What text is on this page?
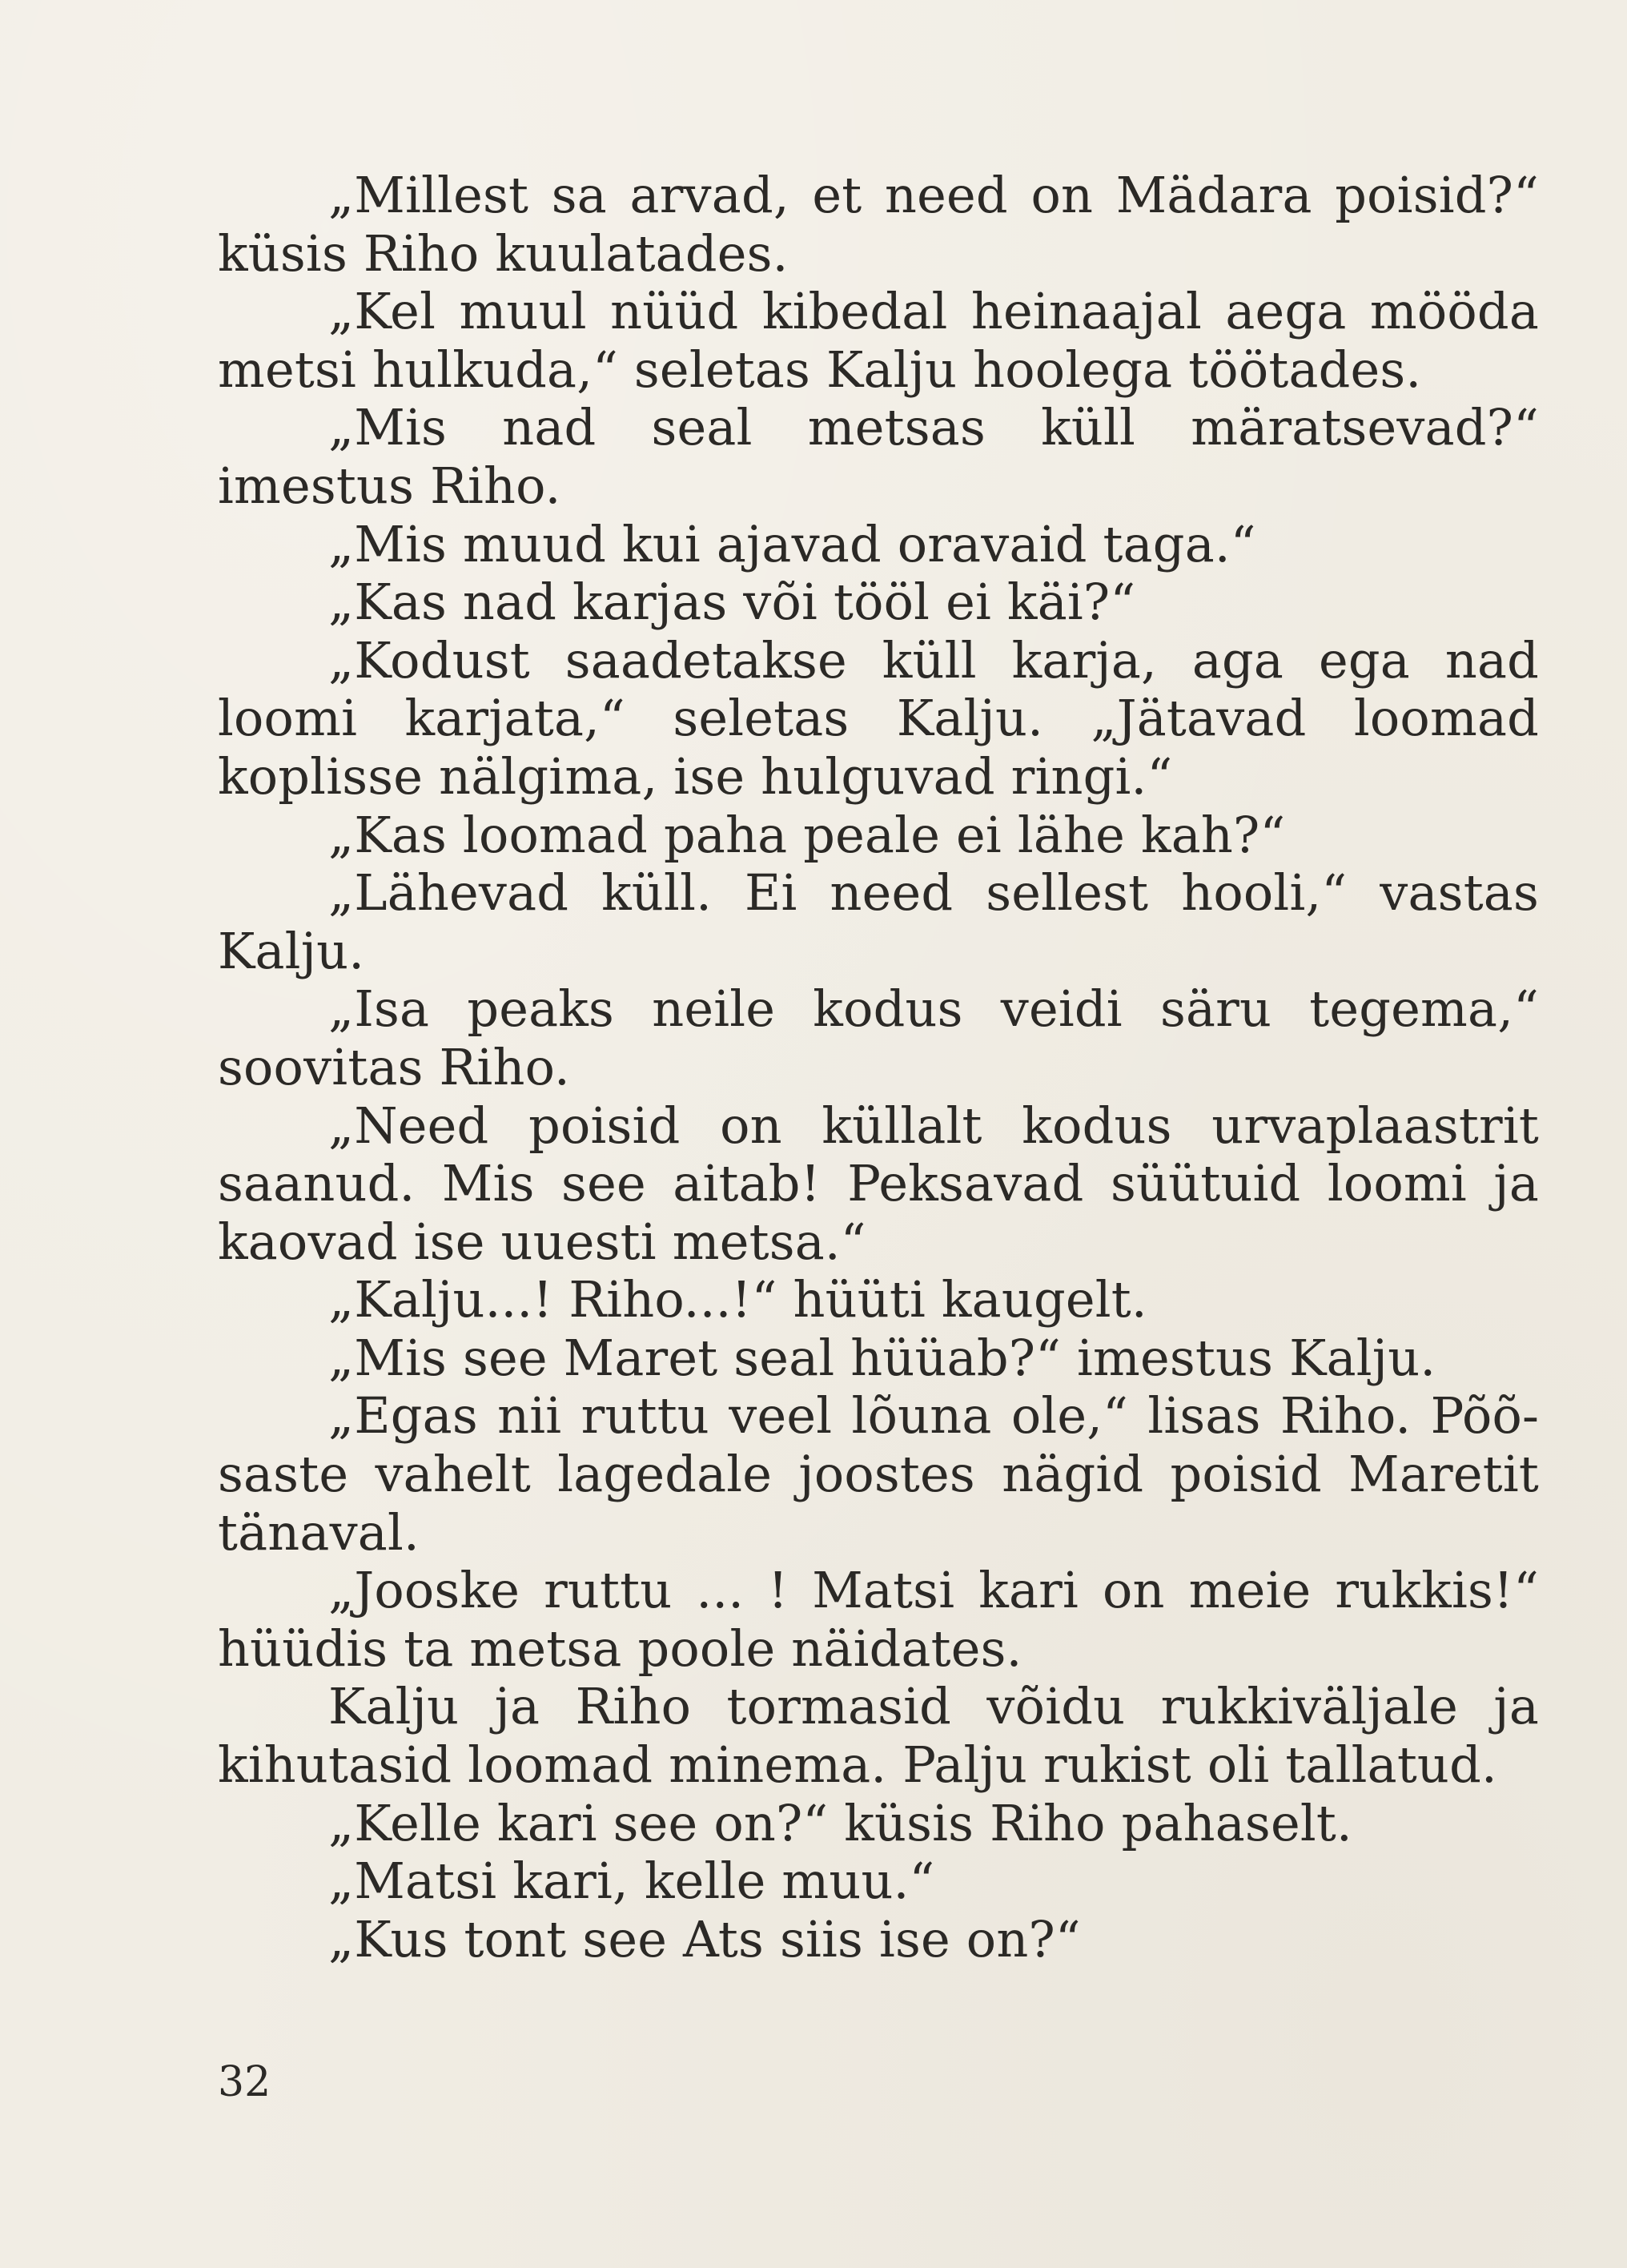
„Millest sa arvad, et need on Mädara poisid?“ küsis Riho kuulatades.

„Kel muul nüüd kibedal heinaajal aega mööda metsi hulkuda,“ seletas Kalju hoolega töötades.

„Mis nad seal metsas küll märatsevad?“ imestus Riho.

„Mis muud kui ajavad oravaid taga.“

„Kas nad karjas või tööl ei käi?“

„Kodust saadetakse küll karja, aga ega nad loomi karjata,“ seletas Kalju. „Jätavad loomad koplisse nälgima, ise hulguvad ringi.“

„Kas loomad paha peale ei lähe kah?“

„Lähevad küll. Ei need sellest hooli,“ vastas Kalju.

„Isa peaks neile kodus veidi säru tegema,“ soovitas Riho.

„Need poisid on küllalt kodus urvaplaastrit saanud. Mis see aitab! Peksavad süütuid loomi ja kaovad ise uuesti metsa.“

„Kalju...! Riho...!“ hüüti kaugelt.

„Mis see Maret seal hüüab?“ imestus Kalju.

„Egas nii ruttu veel lõuna ole,“ lisas Riho. Põõsaste vahelt lagedale joostes nägid poisid Maretit tänaval.

„Jooske ruttu ... ! Matsi kari on meie rukkis!“ hüüdis ta metsa poole näidates.

Kalju ja Riho tormasid võidu rukkiväljale ja kihutasid loomad minema. Palju rukist oli tallatud.

„Kelle kari see on?“ küsis Riho pahaselt.

„Matsi kari, kelle muu.“

„Kus tont see Ats siis ise on?“

32
